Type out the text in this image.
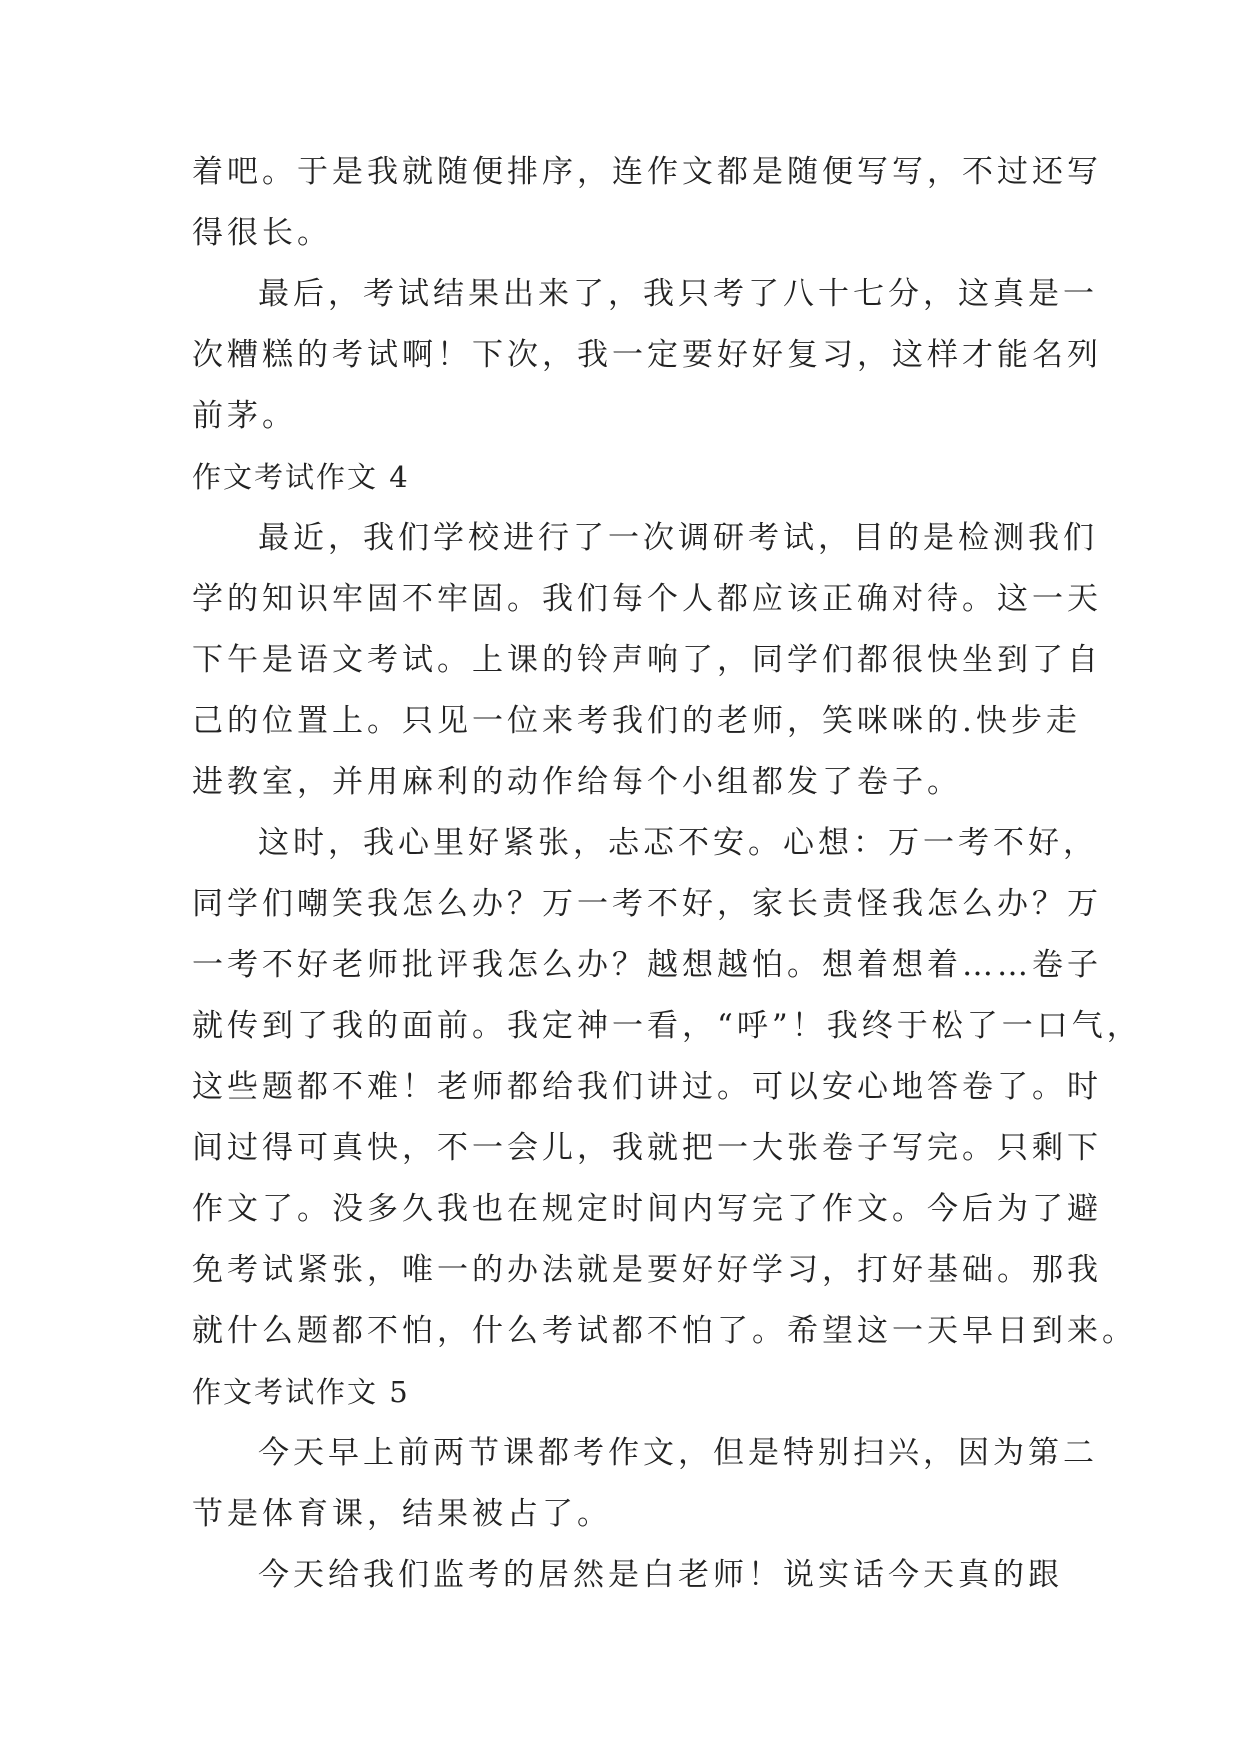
着吧。于是我就随便排序，连作文都是随便写写，不过还写
得很长。
最后，考试结果出来了，我只考了八十七分，这真是一
次糟糕的考试啊！下次，我一定要好好复习，这样才能名列
前茅。
作文考试作文 4
最近，我们学校进行了一次调研考试，目的是检测我们
学的知识牢固不牢固。我们每个人都应该正确对待。这一天
下午是语文考试。上课的铃声响了，同学们都很快坐到了自
己的位置上。只见一位来考我们的老师，笑咪咪的.快步走
进教室，并用麻利的动作给每个小组都发了卷子。
这时，我心里好紧张，忐忑不安。心想：万一考不好，
同学们嘲笑我怎么办？万一考不好，家长责怪我怎么办？万
一考不好老师批评我怎么办？越想越怕。想着想着……卷子
就传到了我的面前。我定神一看，“呼”！我终于松了一口气，
这些题都不难！老师都给我们讲过。可以安心地答卷了。时
间过得可真快，不一会儿，我就把一大张卷子写完。只剩下
作文了。没多久我也在规定时间内写完了作文。今后为了避
免考试紧张，唯一的办法就是要好好学习，打好基础。那我
就什么题都不怕，什么考试都不怕了。希望这一天早日到来。
作文考试作文 5
今天早上前两节课都考作文，但是特别扫兴，因为第二
节是体育课，结果被占了。
今天给我们监考的居然是白老师！说实话今天真的跟
